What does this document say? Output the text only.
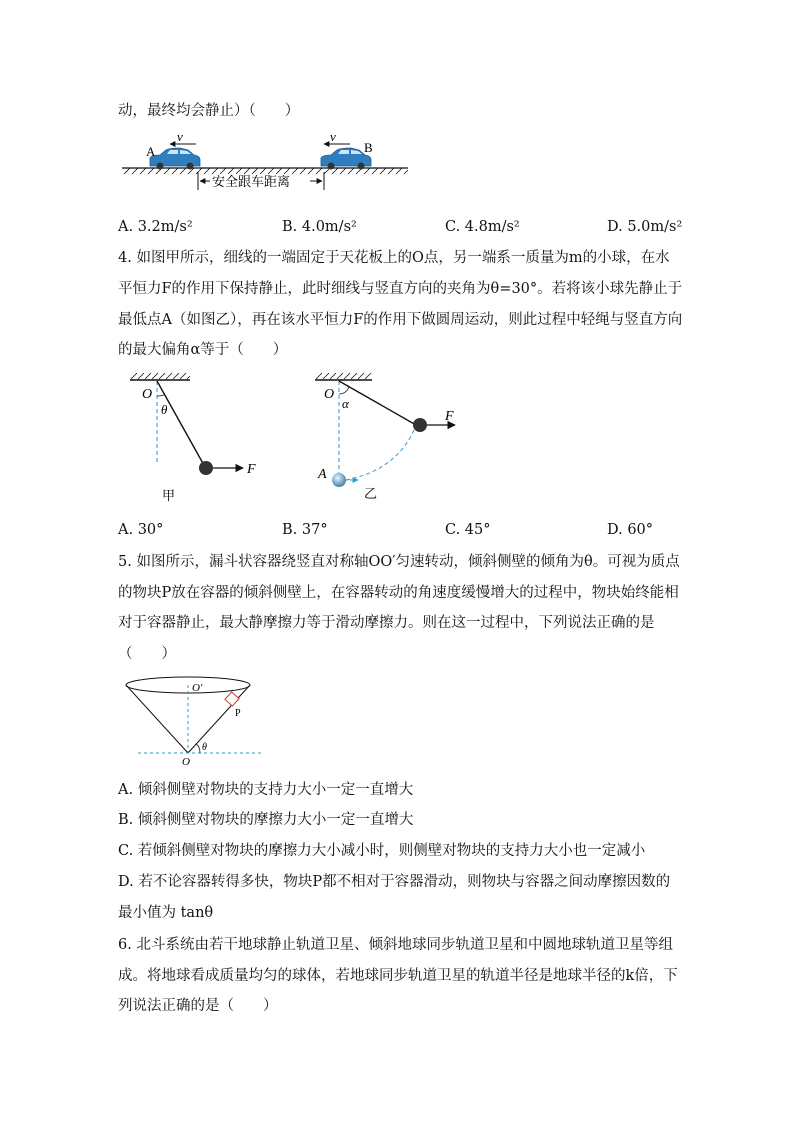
动，最终均会静止）（　　）
v	v
A	B
安全跟车距离
A. 3.2m/s²	B. 4.0m/s²	C. 4.8m/s²	D. 5.0m/s²
4. 如图甲所示，细线的一端固定于天花板上的O点，另一端系一质量为m的小球，在水
平恒力F的作用下保持静止，此时细线与竖直方向的夹角为θ=30°。若将该小球先静止于
最低点A（如图乙），再在该水平恒力F的作用下做圆周运动，则此过程中轻绳与竖直方向
的最大偏角α等于（　　）
O
θ
F
甲
O
α
F
A
乙
A. 30°	B. 37°	C. 45°	D. 60°
5. 如图所示，漏斗状容器绕竖直对称轴OO′匀速转动，倾斜侧壁的倾角为θ。可视为质点
的物块P放在容器的倾斜侧壁上，在容器转动的角速度缓慢增大的过程中，物块始终能相
对于容器静止，最大静摩擦力等于滑动摩擦力。则在这一过程中，下列说法正确的是
（　　）
O′
O
P
θ
A. 倾斜侧壁对物块的支持力大小一定一直增大
B. 倾斜侧壁对物块的摩擦力大小一定一直增大
C. 若倾斜侧壁对物块的摩擦力大小减小时，则侧壁对物块的支持力大小也一定减小
D. 若不论容器转得多快，物块P都不相对于容器滑动，则物块与容器之间动摩擦因数的
最小值为 tanθ
6. 北斗系统由若干地球静止轨道卫星、倾斜地球同步轨道卫星和中圆地球轨道卫星等组
成。将地球看成质量均匀的球体，若地球同步轨道卫星的轨道半径是地球半径的k倍，下
列说法正确的是（　　）
